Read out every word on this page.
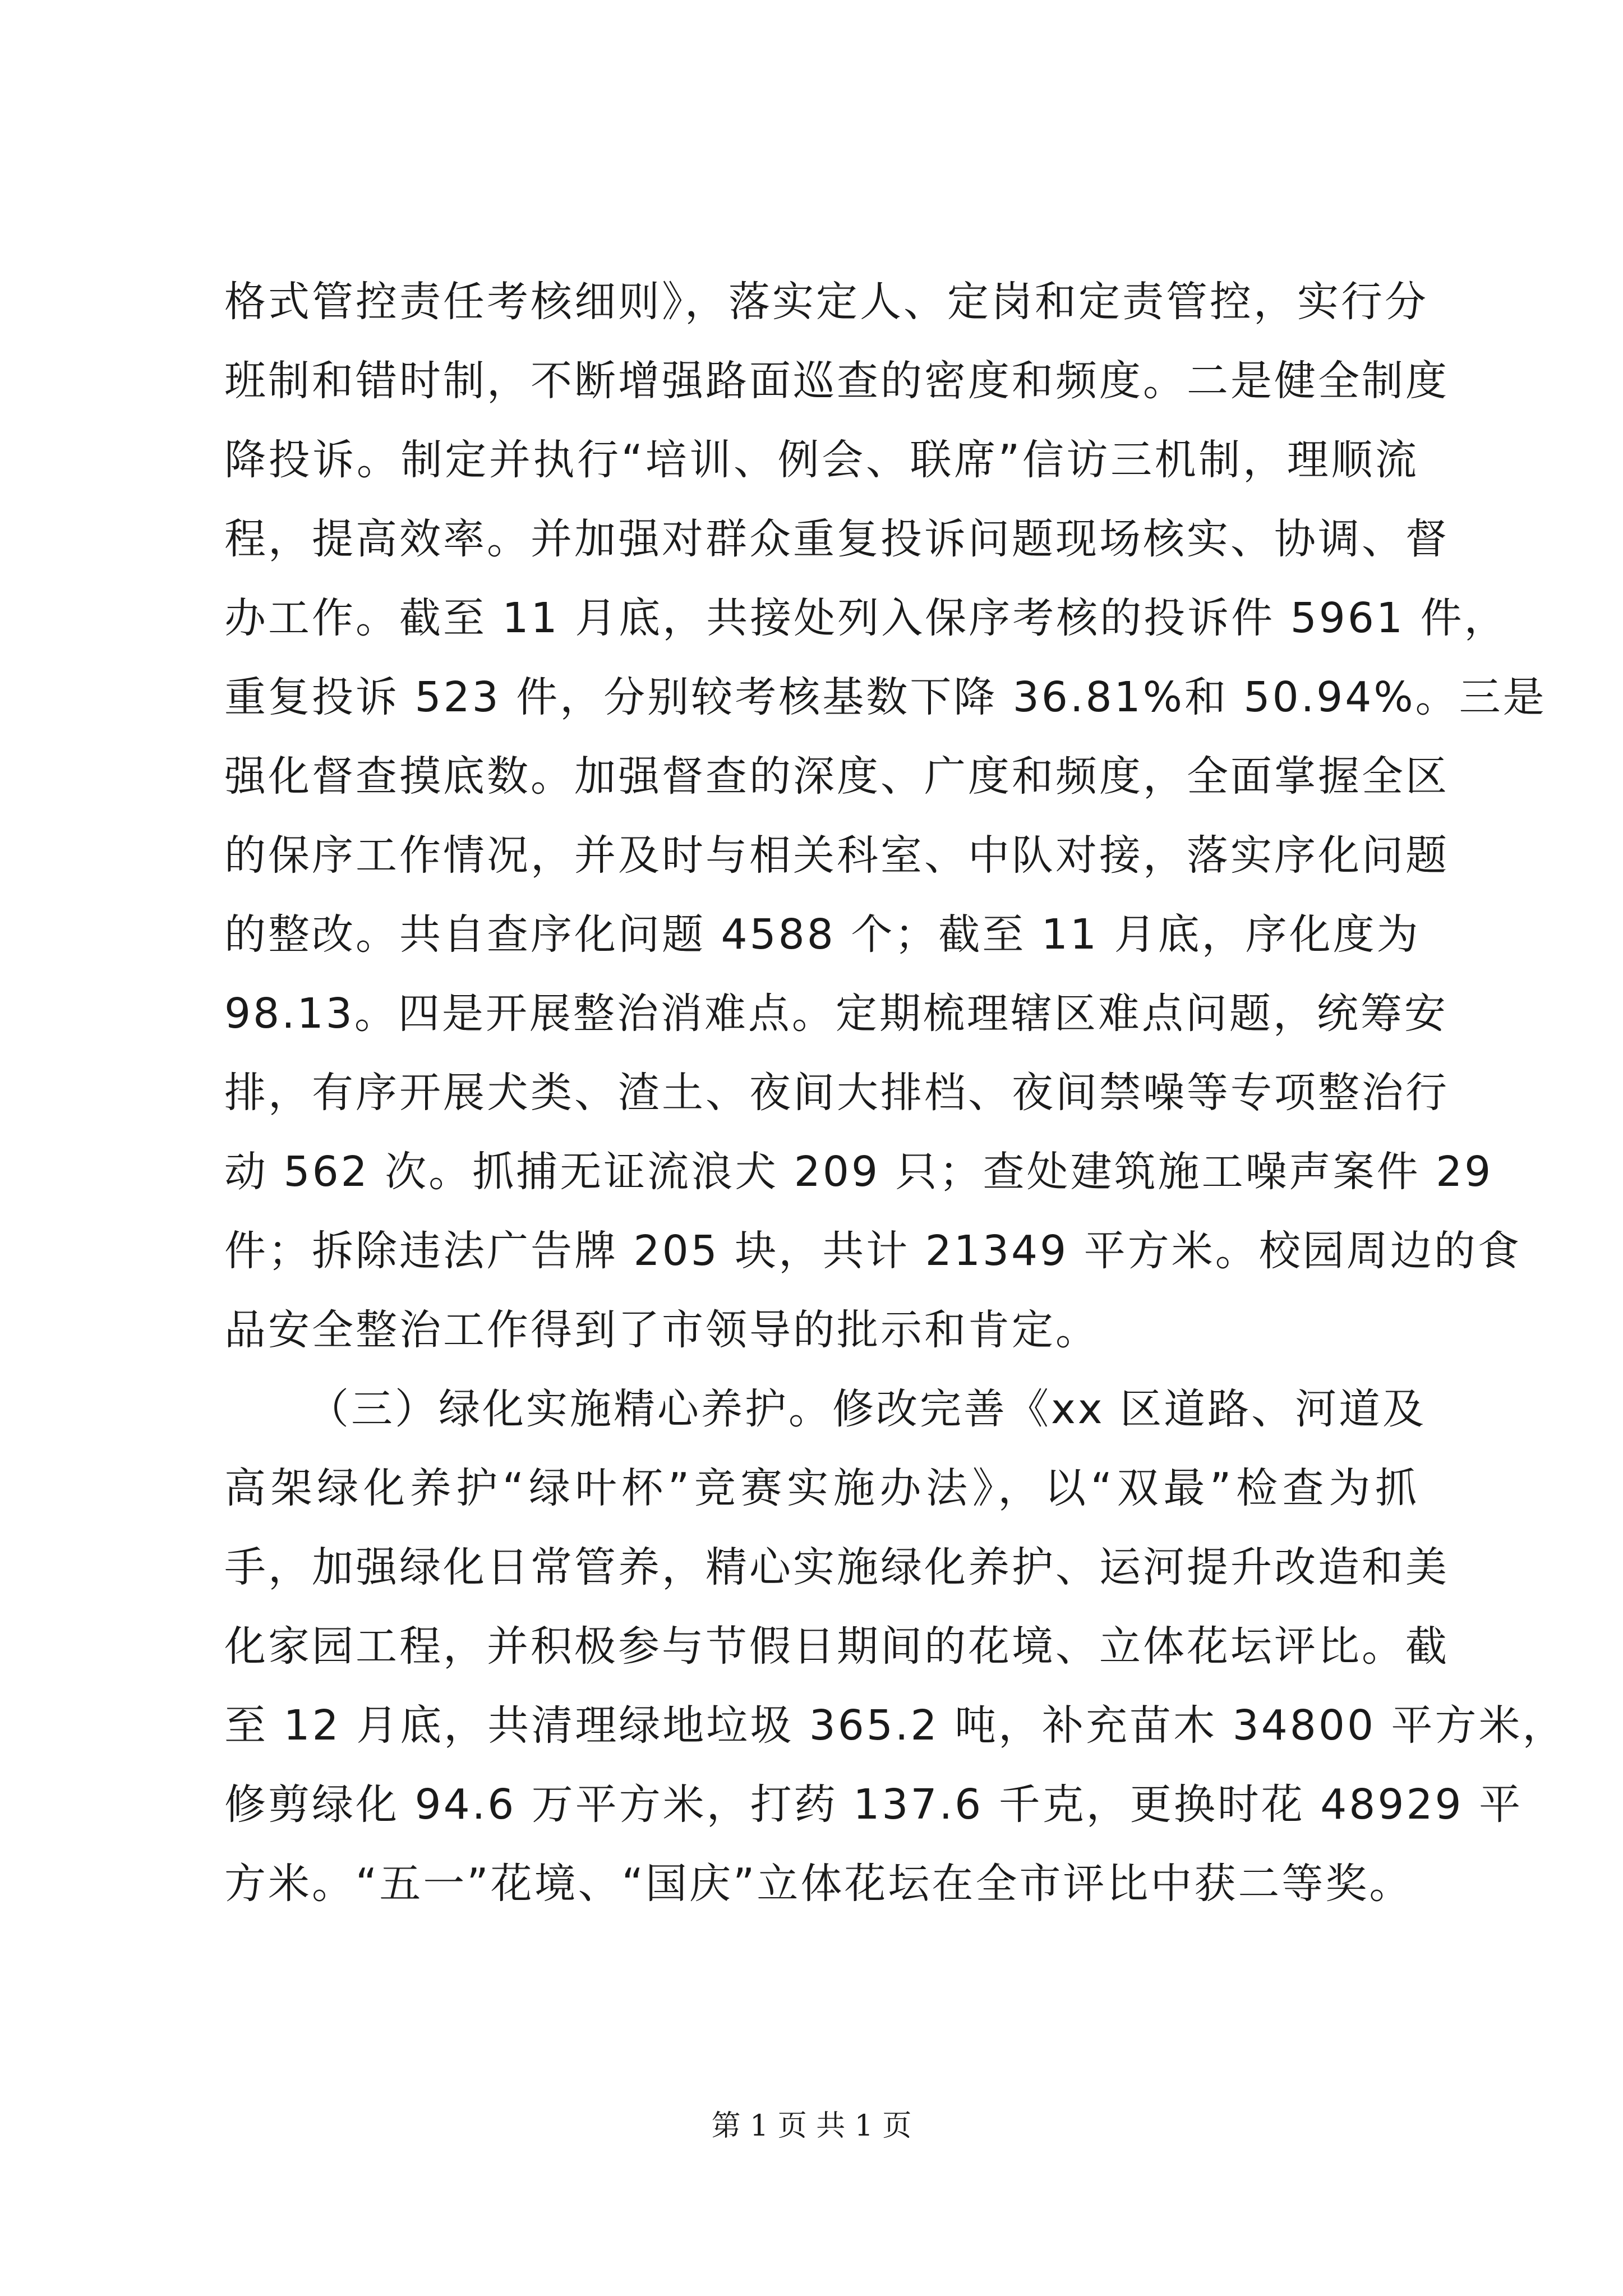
格式管控责任考核细则》，落实定人、定岗和定责管控，实行分
班制和错时制，不断增强路面巡查的密度和频度。二是健全制度
降投诉。制定并执行“培训、例会、联席”信访三机制，理顺流
程，提高效率。并加强对群众重复投诉问题现场核实、协调、督
办工作。截至 11 月底，共接处列入保序考核的投诉件 5961 件，
重复投诉 523 件，分别较考核基数下降 36.81%和 50.94%。三是
强化督查摸底数。加强督查的深度、广度和频度，全面掌握全区
的保序工作情况，并及时与相关科室、中队对接，落实序化问题
的整改。共自查序化问题 4588 个；截至 11 月底，序化度为
98.13。四是开展整治消难点。定期梳理辖区难点问题，统筹安
排，有序开展犬类、渣土、夜间大排档、夜间禁噪等专项整治行
动 562 次。抓捕无证流浪犬 209 只；查处建筑施工噪声案件 29
件；拆除违法广告牌 205 块，共计 21349 平方米。校园周边的食
品安全整治工作得到了市领导的批示和肯定。
（三）绿化实施精心养护。修改完善《xx 区道路、河道及
高架绿化养护“绿叶杯”竞赛实施办法》，以“双最”检查为抓
手，加强绿化日常管养，精心实施绿化养护、运河提升改造和美
化家园工程，并积极参与节假日期间的花境、立体花坛评比。截
至 12 月底，共清理绿地垃圾 365.2 吨，补充苗木 34800 平方米，
修剪绿化 94.6 万平方米，打药 137.6 千克，更换时花 48929 平
方米。“五一”花境、“国庆”立体花坛在全市评比中获二等奖。
第 1 页 共 1 页
